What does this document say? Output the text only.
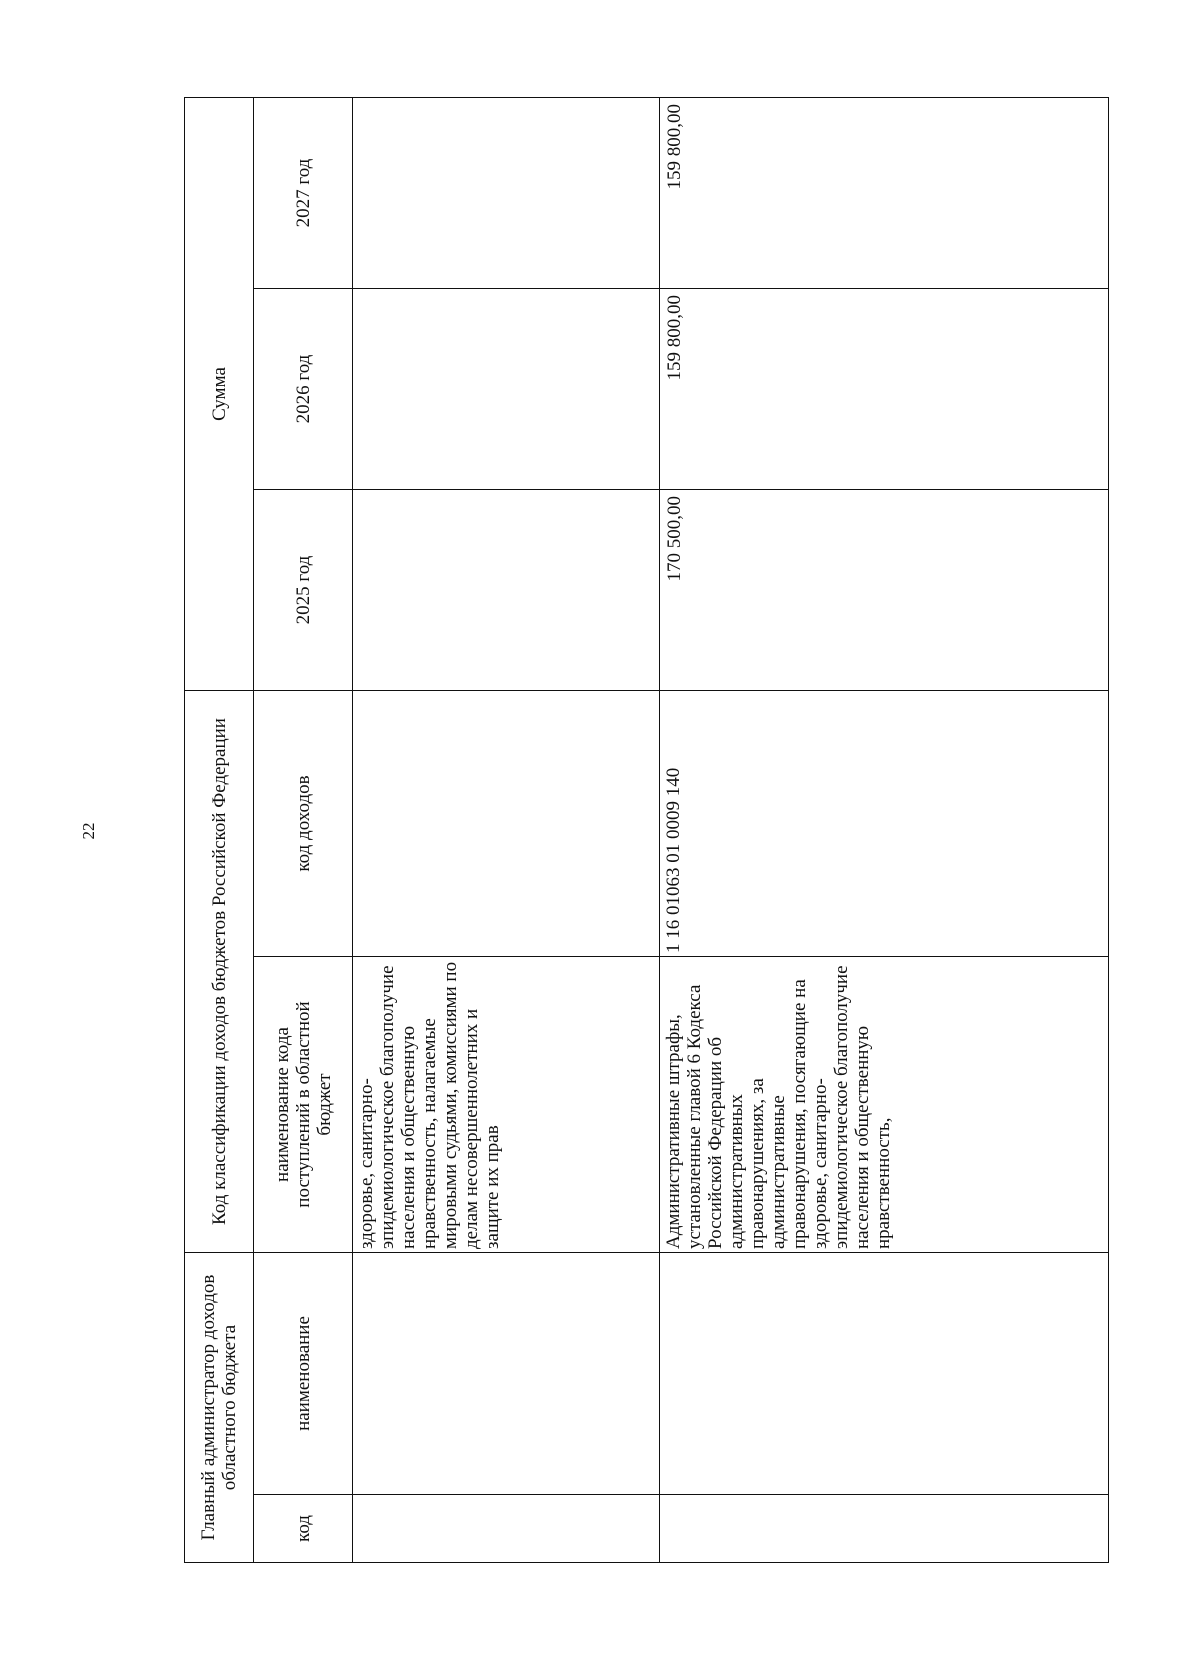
22
Главный администратор доходов областного бюджета		Код классификации доходов бюджетов Российской Федерации		Сумма		
код	наименование	наименование кода поступлений в областной бюджет	код доходов	2025 год	2026 год	2027 год

		здоровье, санитарно-эпидемиологическое благополучие населения и общественную нравственность, налагаемые мировыми судьями, комиссиями по делам несовершеннолетних и защите их прав				

		Административные штрафы, установленные главой 6 Кодекса Российской Федерации об административных правонарушениях, за административные правонарушения, посягающие на здоровье, санитарно-эпидемиологическое благополучие населения и общественную нравственность,	1 16 01063 01 0009 140	170 500,00	159 800,00	159 800,00
